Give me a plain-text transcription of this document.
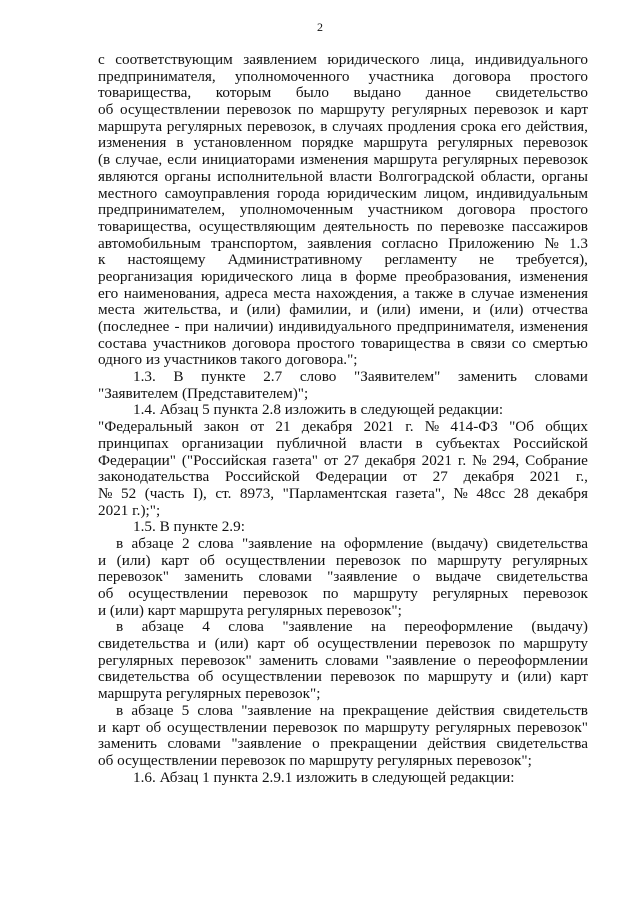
2
с соответствующим заявлением юридического лица, индивидуального
предпринимателя, уполномоченного участника договора простого
товарищества, которым было выдано данное свидетельство
об осуществлении перевозок по маршруту регулярных перевозок и карт
маршрута регулярных перевозок, в случаях продления срока его действия,
изменения в установленном порядке маршрута регулярных перевозок
(в случае, если инициаторами изменения маршрута регулярных перевозок
являются органы исполнительной власти Волгоградской области, органы
местного самоуправления города юридическим лицом, индивидуальным
предпринимателем, уполномоченным участником договора простого
товарищества, осуществляющим деятельность по перевозке пассажиров
автомобильным транспортом, заявления согласно Приложению № 1.3
к настоящему Административному регламенту не требуется),
реорганизация юридического лица в форме преобразования, изменения
его наименования, адреса места нахождения, а также в случае изменения
места жительства, и (или) фамилии, и (или) имени, и (или) отчества
(последнее - при наличии) индивидуального предпринимателя, изменения
состава участников договора простого товарищества в связи со смертью
одного из участников такого договора.";
1.3. В пункте 2.7 слово "Заявителем" заменить словами
"Заявителем (Представителем)";
1.4. Абзац 5 пункта 2.8 изложить в следующей редакции:
"Федеральный закон от 21 декабря 2021 г. № 414-ФЗ "Об общих
принципах организации публичной власти в субъектах Российской
Федерации" ("Российская газета" от 27 декабря 2021 г. № 294, Собрание
законодательства Российской Федерации от 27 декабря 2021 г.,
№ 52 (часть I), ст. 8973, "Парламентская газета", № 48сс 28 декабря
2021 г.);";
1.5. В пункте 2.9:
в абзаце 2 слова "заявление на оформление (выдачу) свидетельства
и (или) карт об осуществлении перевозок по маршруту регулярных
перевозок" заменить словами "заявление о выдаче свидетельства
об осуществлении перевозок по маршруту регулярных перевозок
и (или) карт маршрута регулярных перевозок";
в абзаце 4 слова "заявление на переоформление (выдачу)
свидетельства и (или) карт об осуществлении перевозок по маршруту
регулярных перевозок" заменить словами "заявление о переоформлении
свидетельства об осуществлении перевозок по маршруту и (или) карт
маршрута регулярных перевозок";
в абзаце 5 слова "заявление на прекращение действия свидетельств
и карт об осуществлении перевозок по маршруту регулярных перевозок"
заменить словами "заявление о прекращении действия свидетельства
об осуществлении перевозок по маршруту регулярных перевозок";
1.6. Абзац 1 пункта 2.9.1 изложить в следующей редакции:
